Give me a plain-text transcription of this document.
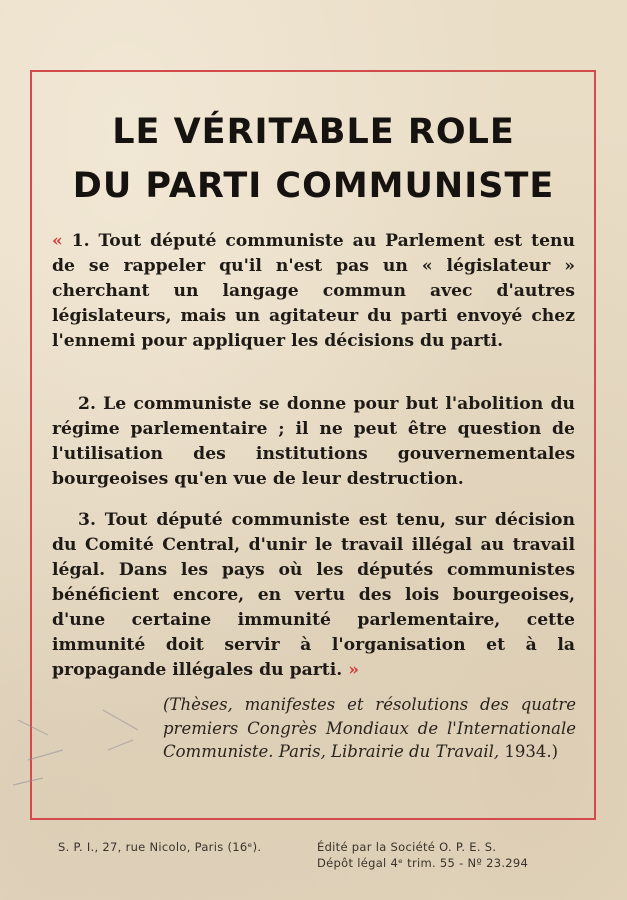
LE VÉRITABLE ROLE
DU PARTI COMMUNISTE

« 1. Tout député communiste au Parlement est tenu de se rappeler qu'il n'est pas un « législateur » cherchant un langage commun avec d'autres législateurs, mais un agitateur du parti envoyé chez l'ennemi pour appliquer les décisions du parti.

2. Le communiste se donne pour but l'abolition du régime parlementaire ; il ne peut être question de l'utilisation des institutions gouvernementales bourgeoises qu'en vue de leur destruction.

3. Tout député communiste est tenu, sur décision du Comité Central, d'unir le travail illégal au travail légal. Dans les pays où les députés communistes bénéficient encore, en vertu des lois bourgeoises, d'une certaine immunité parlementaire, cette immunité doit servir à l'organisation et à la propagande illégales du parti. »

(Thèses, manifestes et résolutions des quatre premiers Congrès Mondiaux de l'Internationale Communiste. Paris, Librairie du Travail, 1934.)

S. P. I., 27, rue Nicolo, Paris (16ᵉ).	Édité par la Société O. P. E. S.
Dépôt légal 4ᵉ trim. 55 - Nº 23.294
